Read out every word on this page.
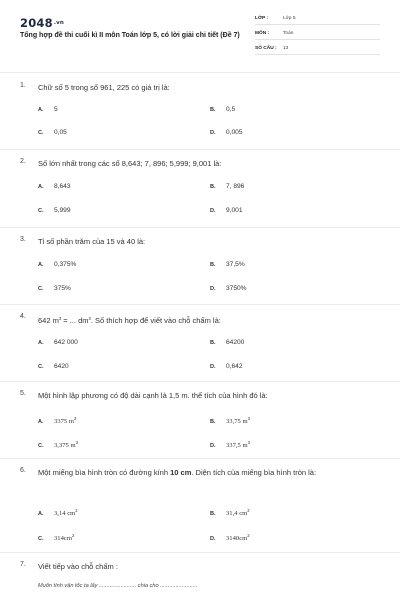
$2048^{.vn}$
Tổng hợp đề thi cuối kì II môn Toán lớp 5, có lời giải chi tiết (Đề 7)
LỚP :	Lớp 5
MÔN :	Toán
SỐ CÂU : 13
1. Chữ số 5 trong số 961, 225 có giá trị là:
A. 5	B. 0,5
C. 0,05	D. 0,005
2. Số lớn nhất trong các số 8,643; 7, 896; 5,999; 9,001 là:
A. 8,643	B. 7, 896
C. 5,999	D. 9,001
3. Tỉ số phần trăm của 15 và 40 là:
A. 0,375%	B. 37,5%
C. 375%	D. 3750%
4. 642 $m^3$ = ... $dm^3$. Số thích hợp để viết vào chỗ chấm là:
A. 642 000	B. 64200
C. 6420	D. 0,642
5. Một hình lập phương có độ dài cạnh là 1,5 m. thể tích của hình đó là:
A. 3375 $m^3$
B. 33,75 $m^3$
C. 3,375 $m^3$
D. 337,5 $m^3$
6. Một miếng bìa hình tròn có đường kính 10 cm. Diện tích của miếng bìa hình tròn là:
A. 3,14 $cm^2$
B. 31,4 $cm^2$
C. $314cm^2$
D. $3140cm^2$
7. Viết tiếp vào chỗ chấm :
Muốn tính vận tốc ta lấy ........................ chia cho ........................
